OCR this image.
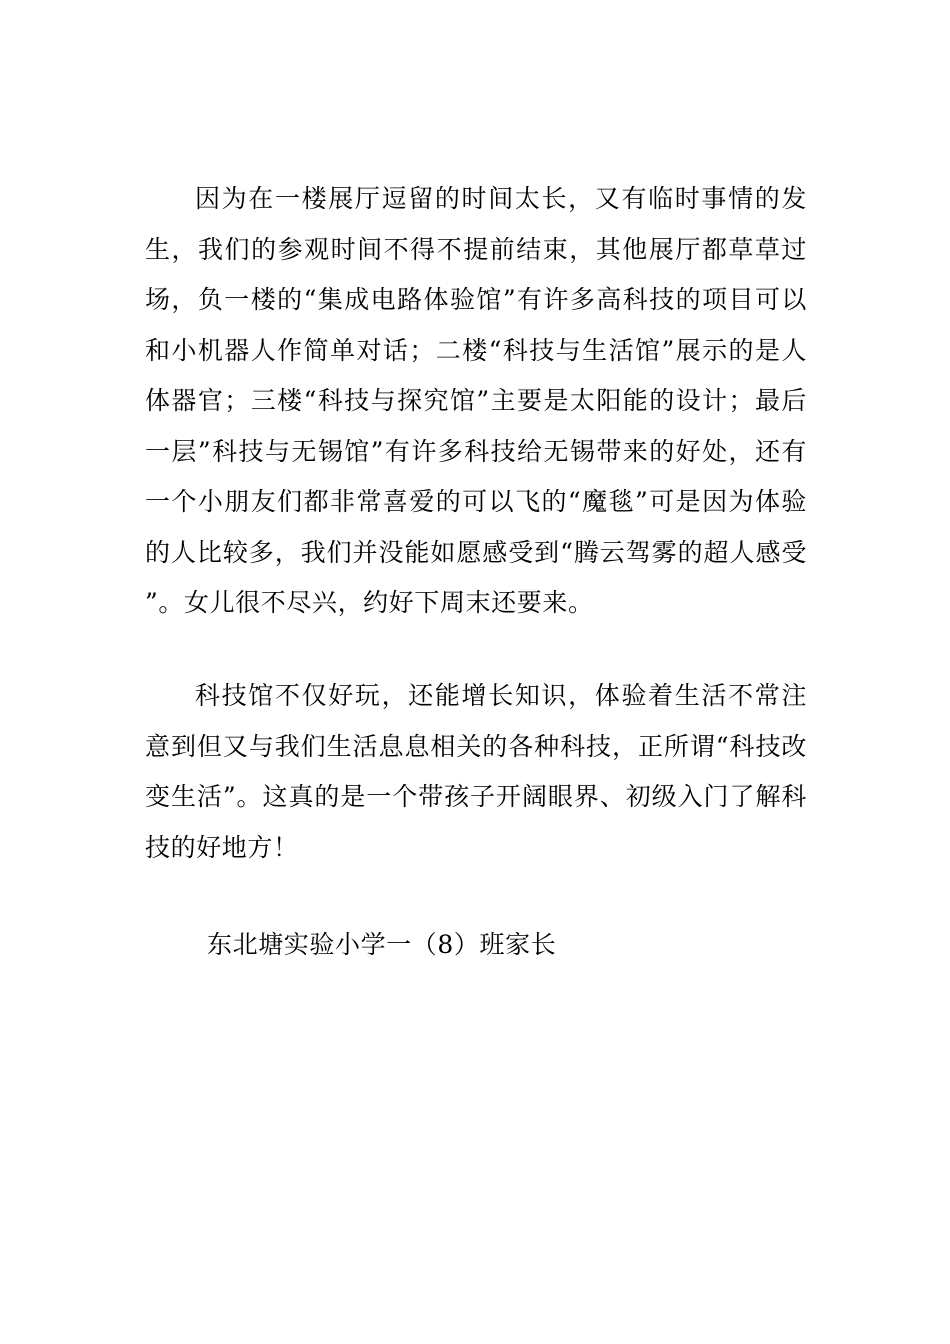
因为在一楼展厅逗留的时间太长，又有临时事情的发生，我们的参观时间不得不提前结束，其他展厅都草草过场，负一楼的“集成电路体验馆”有许多高科技的项目可以和小机器人作简单对话；二楼“科技与生活馆”展示的是人体器官；三楼“科技与探究馆”主要是太阳能的设计；最后一层”科技与无锡馆”有许多科技给无锡带来的好处，还有一个小朋友们都非常喜爱的可以飞的“魔毯”可是因为体验的人比较多，我们并没能如愿感受到“腾云驾雾的超人感受”。女儿很不尽兴，约好下周末还要来。

科技馆不仅好玩，还能增长知识，体验着生活不常注意到但又与我们生活息息相关的各种科技，正所谓“科技改变生活”。这真的是一个带孩子开阔眼界、初级入门了解科技的好地方！

东北塘实验小学一（8）班家长
